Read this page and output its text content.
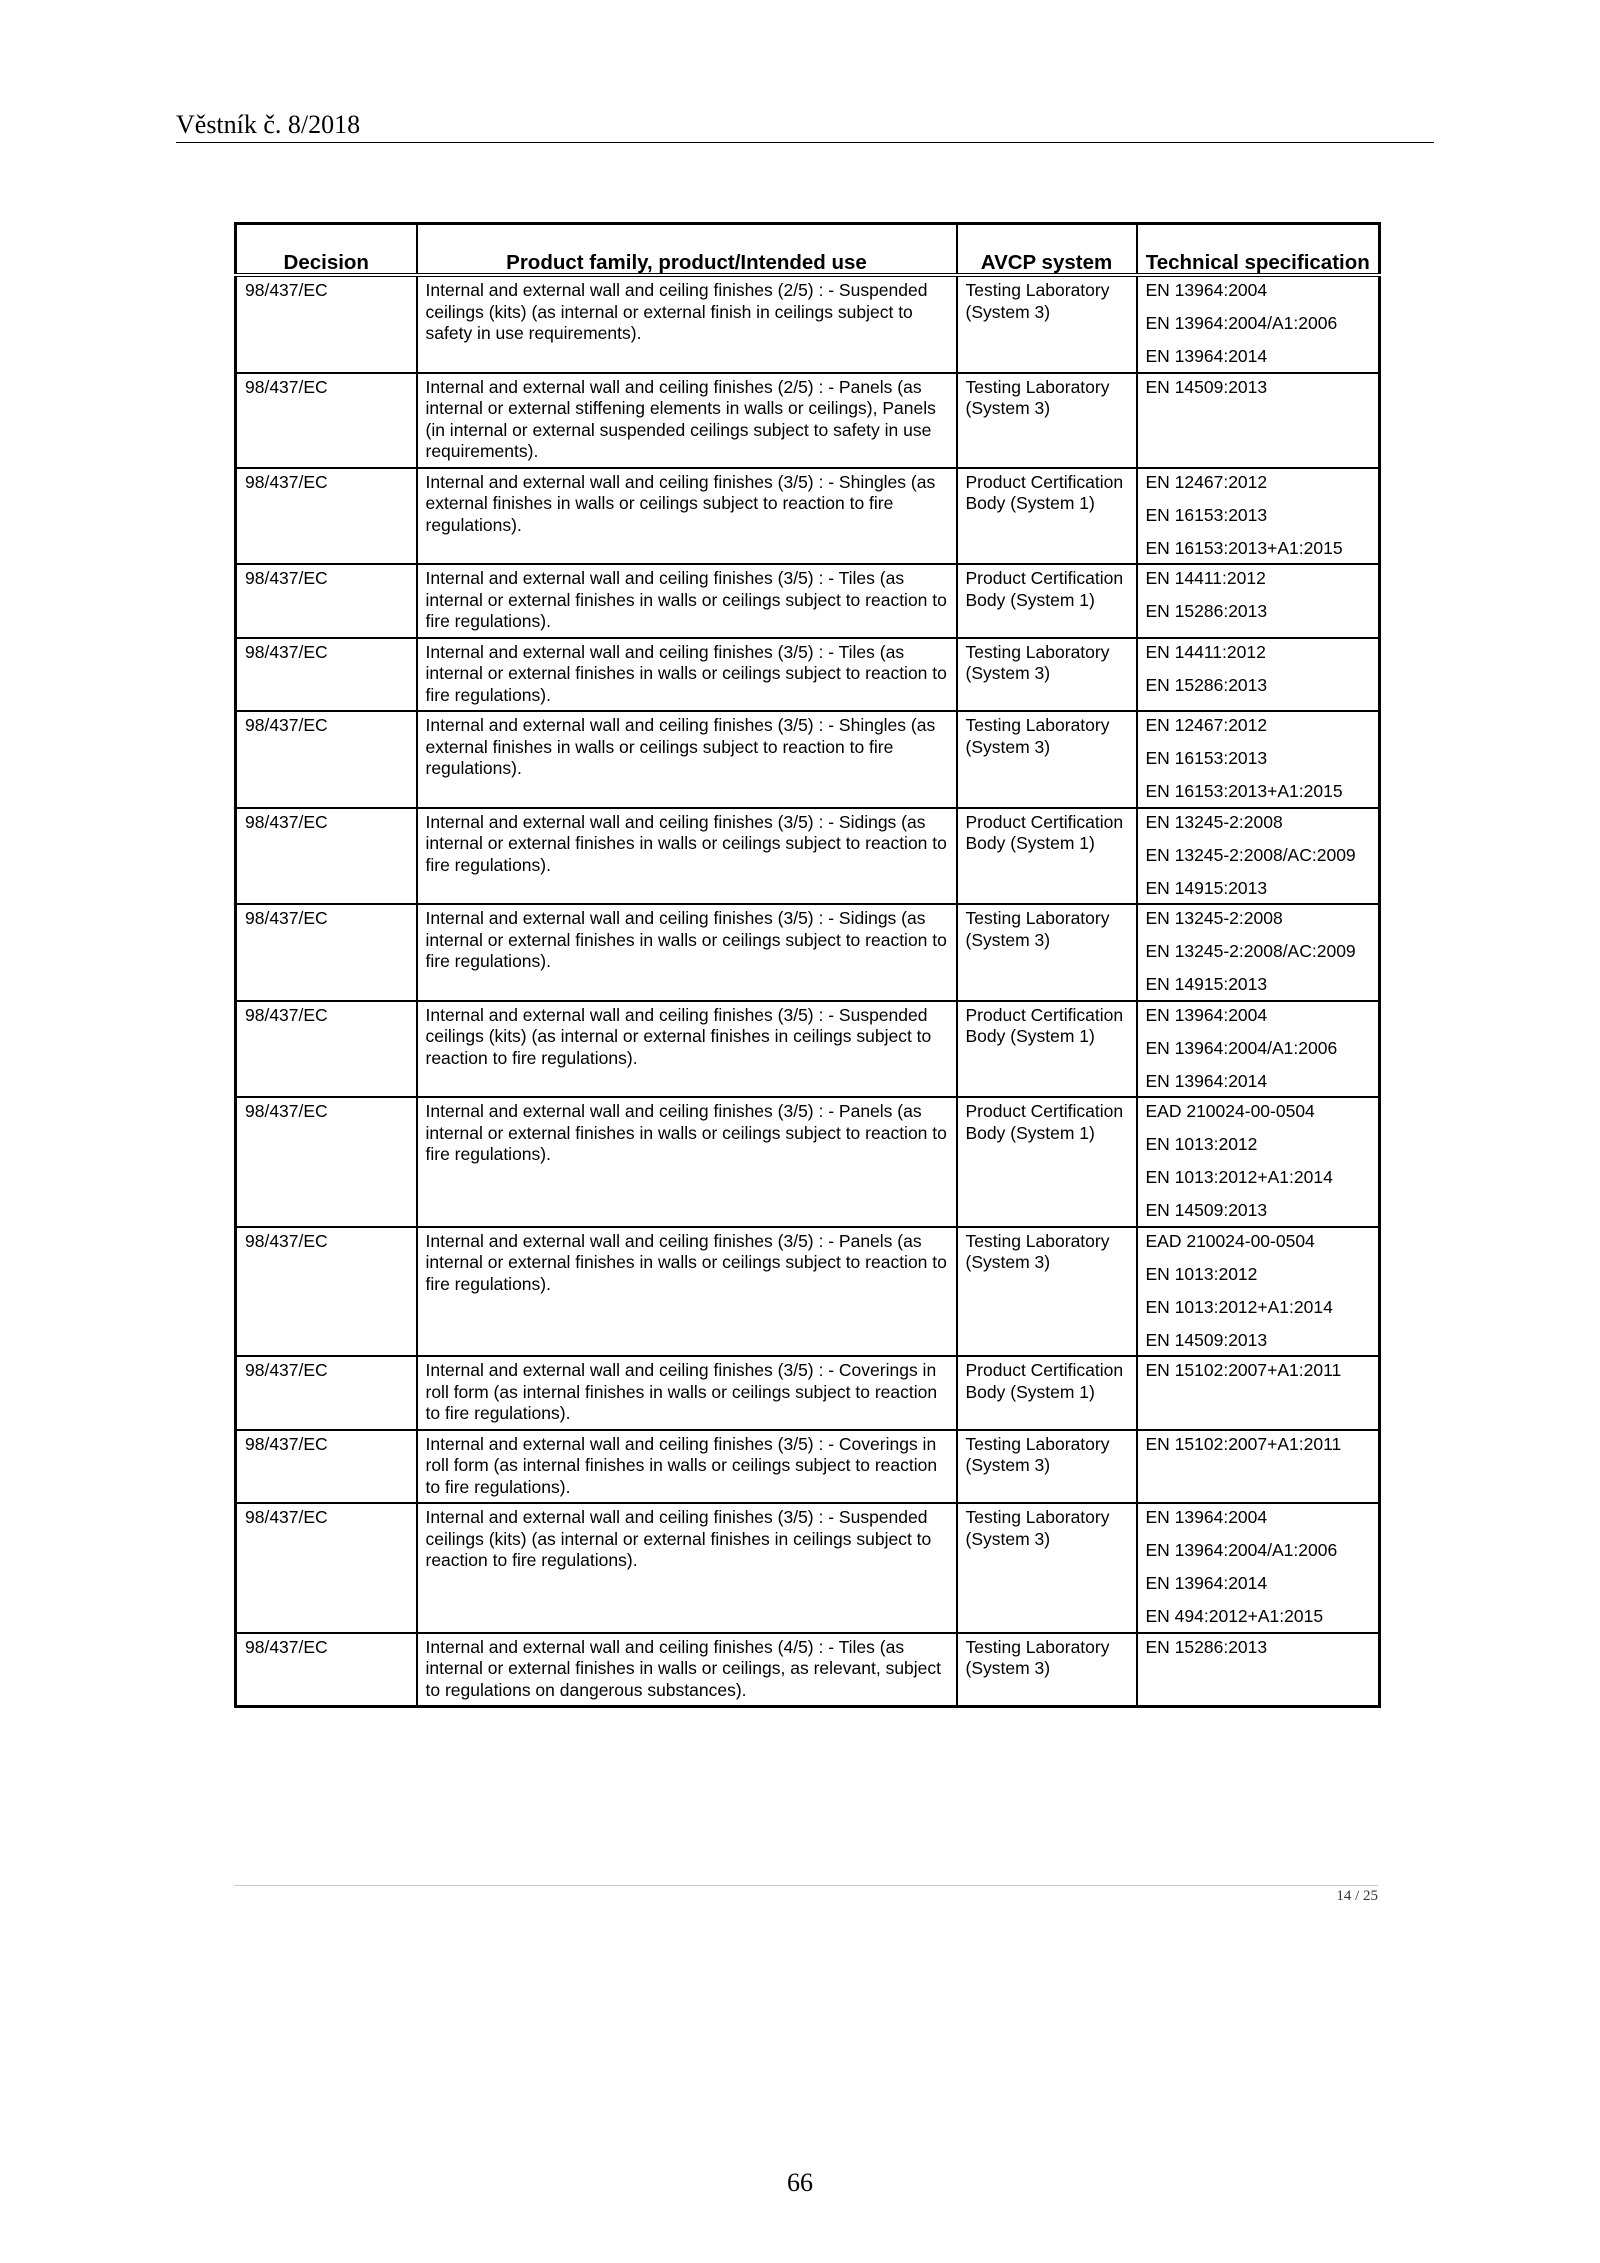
Věstník č. 8/2018
Decision	Product family, product/Intended use	AVCP system	Technical specification
98/437/EC	Internal and external wall and ceiling finishes (2/5) : - Suspended ceilings (kits) (as internal or external finish in ceilings subject to safety in use requirements).	Testing Laboratory (System 3)	EN 13964:2004
EN 13964:2004/A1:2006
EN 13964:2014

98/437/EC	Internal and external wall and ceiling finishes (2/5) : - Panels (as internal or external stiffening elements in walls or ceilings), Panels (in internal or external suspended ceilings subject to safety in use requirements).	Testing Laboratory (System 3)	EN 14509:2013

98/437/EC	Internal and external wall and ceiling finishes (3/5) : - Shingles (as external finishes in walls or ceilings subject to reaction to fire regulations).	Product Certification Body (System 1)	EN 12467:2012
EN 16153:2013
EN 16153:2013+A1:2015

98/437/EC	Internal and external wall and ceiling finishes (3/5) : - Tiles (as internal or external finishes in walls or ceilings subject to reaction to fire regulations).	Product Certification Body (System 1)	EN 14411:2012
EN 15286:2013

98/437/EC	Internal and external wall and ceiling finishes (3/5) : - Tiles (as internal or external finishes in walls or ceilings subject to reaction to fire regulations).	Testing Laboratory (System 3)	EN 14411:2012
EN 15286:2013

98/437/EC	Internal and external wall and ceiling finishes (3/5) : - Shingles (as external finishes in walls or ceilings subject to reaction to fire regulations).	Testing Laboratory (System 3)	EN 12467:2012
EN 16153:2013
EN 16153:2013+A1:2015

98/437/EC	Internal and external wall and ceiling finishes (3/5) : - Sidings (as internal or external finishes in walls or ceilings subject to reaction to fire regulations).	Product Certification Body (System 1)	EN 13245-2:2008
EN 13245-2:2008/AC:2009
EN 14915:2013

98/437/EC	Internal and external wall and ceiling finishes (3/5) : - Sidings (as internal or external finishes in walls or ceilings subject to reaction to fire regulations).	Testing Laboratory (System 3)	EN 13245-2:2008
EN 13245-2:2008/AC:2009
EN 14915:2013

98/437/EC	Internal and external wall and ceiling finishes (3/5) : - Suspended ceilings (kits) (as internal or external finishes in ceilings subject to reaction to fire regulations).	Product Certification Body (System 1)	EN 13964:2004
EN 13964:2004/A1:2006
EN 13964:2014

98/437/EC	Internal and external wall and ceiling finishes (3/5) : - Panels (as internal or external finishes in walls or ceilings subject to reaction to fire regulations).	Product Certification Body (System 1)	EAD 210024-00-0504
EN 1013:2012
EN 1013:2012+A1:2014
EN 14509:2013

98/437/EC	Internal and external wall and ceiling finishes (3/5) : - Panels (as internal or external finishes in walls or ceilings subject to reaction to fire regulations).	Testing Laboratory (System 3)	EAD 210024-00-0504
EN 1013:2012
EN 1013:2012+A1:2014
EN 14509:2013

98/437/EC	Internal and external wall and ceiling finishes (3/5) : - Coverings in roll form (as internal finishes in walls or ceilings subject to reaction to fire regulations).	Product Certification Body (System 1)	EN 15102:2007+A1:2011

98/437/EC	Internal and external wall and ceiling finishes (3/5) : - Coverings in roll form (as internal finishes in walls or ceilings subject to reaction to fire regulations).	Testing Laboratory (System 3)	EN 15102:2007+A1:2011

98/437/EC	Internal and external wall and ceiling finishes (3/5) : - Suspended ceilings (kits) (as internal or external finishes in ceilings subject to reaction to fire regulations).	Testing Laboratory (System 3)	EN 13964:2004
EN 13964:2004/A1:2006
EN 13964:2014
EN 494:2012+A1:2015

98/437/EC	Internal and external wall and ceiling finishes (4/5) : - Tiles (as internal or external finishes in walls or ceilings, as relevant, subject to regulations on dangerous substances).	Testing Laboratory (System 3)	EN 15286:2013
14 / 25
66
